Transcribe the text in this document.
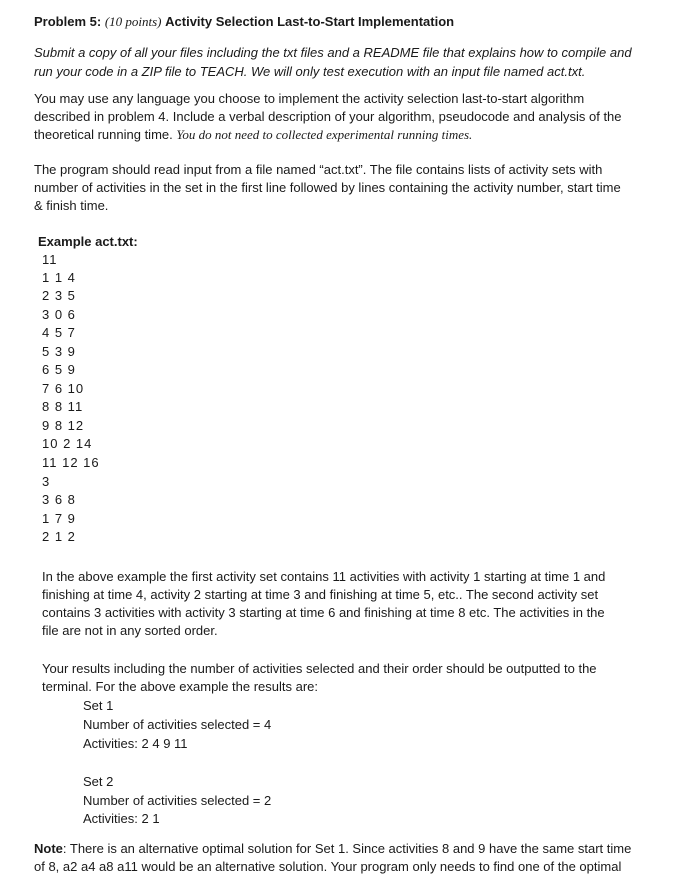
Problem 5: (10 points) Activity Selection Last-to-Start Implementation
Submit a copy of all your files including the txt files and a README file that explains how to compile and
run your code in a ZIP file to TEACH. We will only test execution with an input file named act.txt.
You may use any language you choose to implement the activity selection last-to-start algorithm
described in problem 4. Include a verbal description of your algorithm, pseudocode and analysis of the
theoretical running time. You do not need to collected experimental running times.
The program should read input from a file named “act.txt”. The file contains lists of activity sets with
number of activities in the set in the first line followed by lines containing the activity number, start time
& finish time.
Example act.txt:
11
1 1 4
2 3 5
3 0 6
4 5 7
5 3 9
6 5 9
7 6 10
8 8 11
9 8 12
10 2 14
11 12 16
3
3 6 8
1 7 9
2 1 2
In the above example the first activity set contains 11 activities with activity 1 starting at time 1 and
finishing at time 4, activity 2 starting at time 3 and finishing at time 5, etc.. The second activity set
contains 3 activities with activity 3 starting at time 6 and finishing at time 8 etc. The activities in the
file are not in any sorted order.
Your results including the number of activities selected and their order should be outputted to the
terminal. For the above example the results are:
Set 1
Number of activities selected = 4
Activities: 2 4 9 11
Set 2
Number of activities selected = 2
Activities: 2 1
Note: There is an alternative optimal solution for Set 1. Since activities 8 and 9 have the same start time
of 8, a2 a4 a8 a11 would be an alternative solution. Your program only needs to find one of the optimal
